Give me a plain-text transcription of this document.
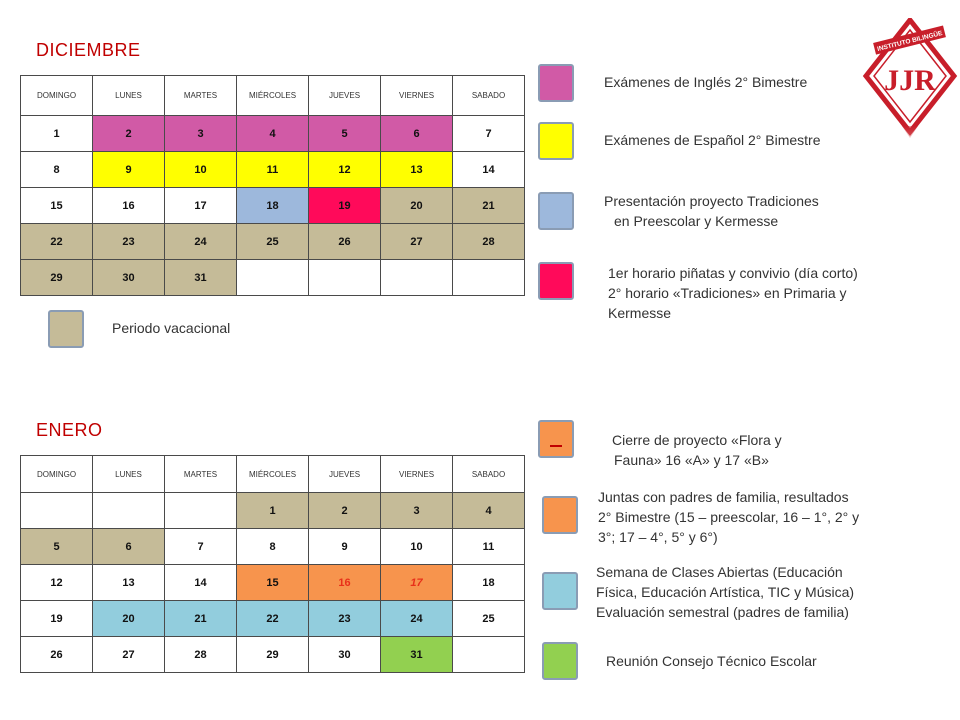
DICIEMBRE
DOMINGO	LUNES	MARTES	MIÉRCOLES	JUEVES	VIERNES	SABADO
1	2	3	4	5	6	7
8	9	10	11	12	13	14
15	16	17	18	19	20	21
22	23	24	25	26	27	28
29	30	31				
Periodo vacacional
ENERO
DOMINGO	LUNES	MARTES	MIÉRCOLES	JUEVES	VIERNES	SABADO
			1	2	3	4
5	6	7	8	9	10	11
12	13	14	15	16	17	18
19	20	21	22	23	24	25
26	27	28	29	30	31	
Exámenes de Inglés 2° Bimestre
Exámenes de Español 2° Bimestre
Presentación proyecto Tradiciones
en Preescolar y Kermesse
1er horario piñatas y convivio (día corto)
2° horario «Tradiciones» en Primaria y
Kermesse
Cierre de proyecto «Flora y
Fauna» 16 «A» y 17 «B»
Juntas con padres de familia, resultados
2° Bimestre (15 – preescolar, 16 – 1°, 2° y
3°; 17 – 4°, 5° y 6°)
Semana de Clases Abiertas (Educación
Física, Educación Artística, TIC y Música)
Evaluación semestral (padres de familia)
Reunión Consejo Técnico Escolar
INSTITUTO BILINGÜE
JJR
